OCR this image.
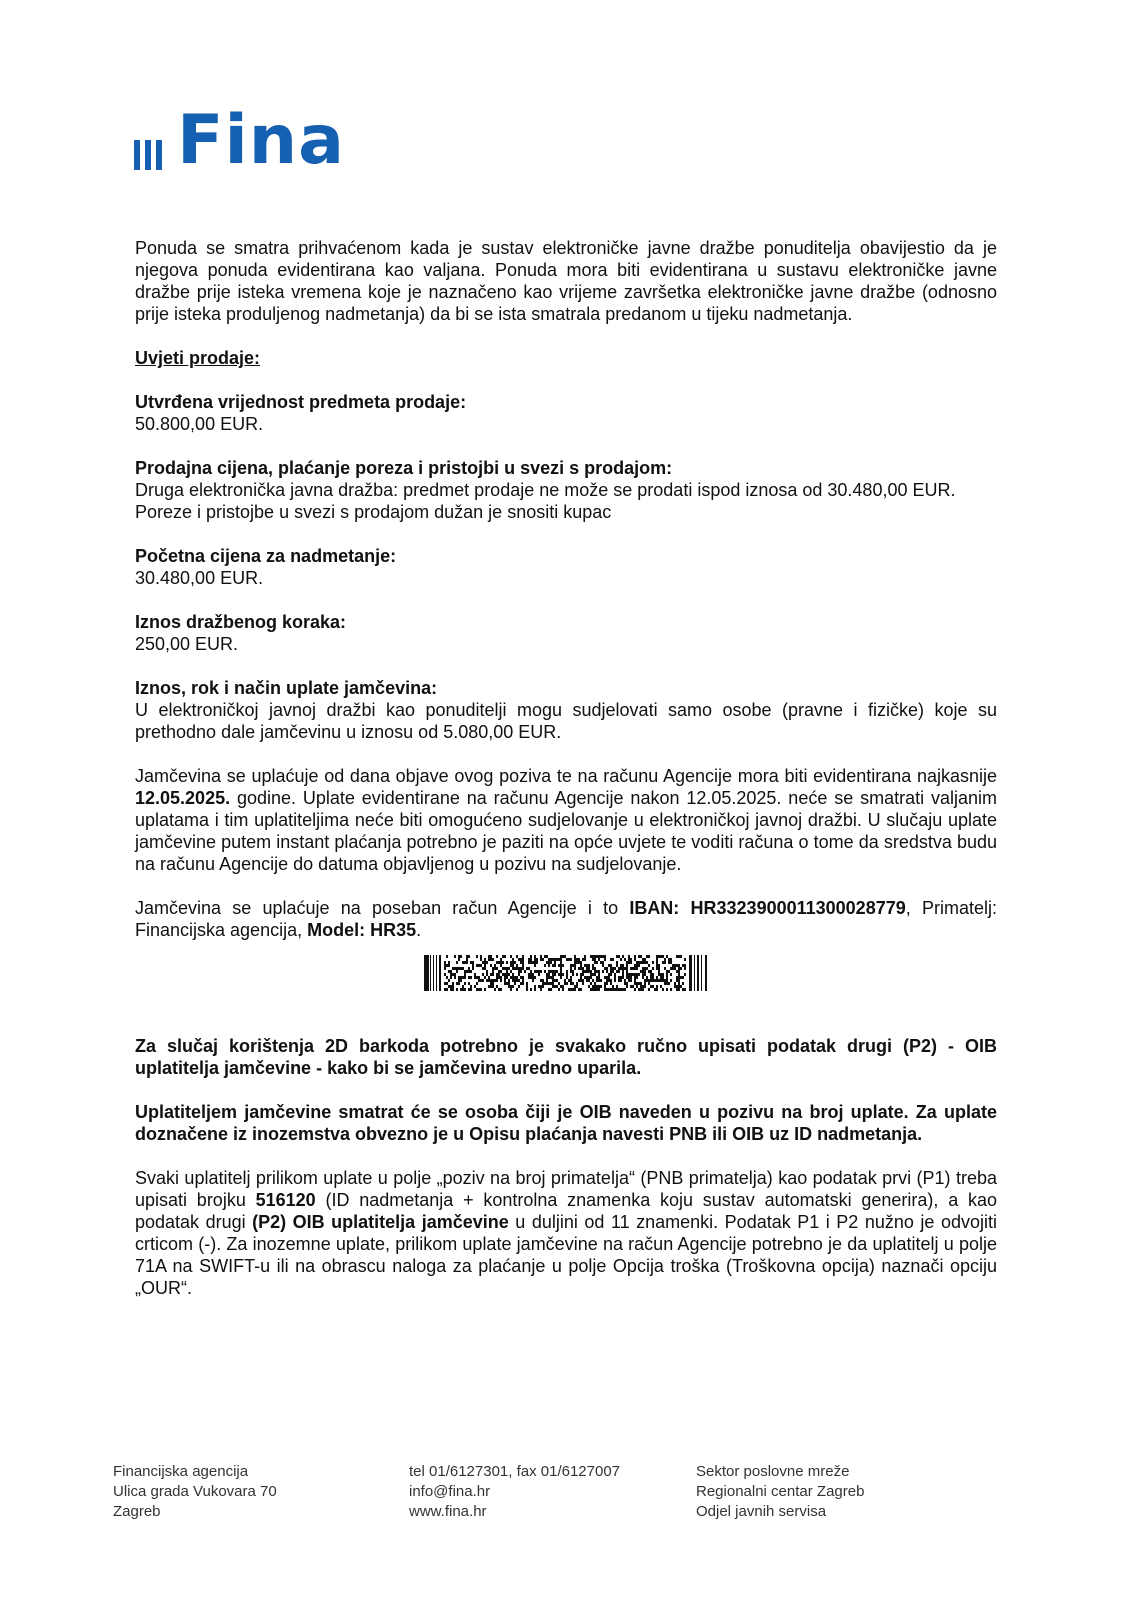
Fina

Ponuda se smatra prihvaćenom kada je sustav elektroničke javne dražbe ponuditelja obavijestio da je njegova ponuda evidentirana kao valjana. Ponuda mora biti evidentirana u sustavu elektroničke javne dražbe prije isteka vremena koje je naznačeno kao vrijeme završetka elektroničke javne dražbe (odnosno prije isteka produljenog nadmetanja) da bi se ista smatrala predanom u tijeku nadmetanja.

Uvjeti prodaje:

Utvrđena vrijednost predmeta prodaje:
50.800,00 EUR.

Prodajna cijena, plaćanje poreza i pristojbi u svezi s prodajom:
Druga elektronička javna dražba: predmet prodaje ne može se prodati ispod iznosa od 30.480,00 EUR.
Poreze i pristojbe u svezi s prodajom dužan je snositi kupac

Početna cijena za nadmetanje:
30.480,00 EUR.

Iznos dražbenog koraka:
250,00 EUR.

Iznos, rok i način uplate jamčevina:
U elektroničkoj javnoj dražbi kao ponuditelji mogu sudjelovati samo osobe (pravne i fizičke) koje su prethodno dale jamčevinu u iznosu od 5.080,00 EUR.

Jamčevina se uplaćuje od dana objave ovog poziva te na računu Agencije mora biti evidentirana najkasnije 12.05.2025. godine. Uplate evidentirane na računu Agencije nakon 12.05.2025. neće se smatrati valjanim uplatama i tim uplatiteljima neće biti omogućeno sudjelovanje u elektroničkoj javnoj dražbi. U slučaju uplate jamčevine putem instant plaćanja potrebno je paziti na opće uvjete te voditi računa o tome da sredstva budu na računu Agencije do datuma objavljenog u pozivu na sudjelovanje.

Jamčevina se uplaćuje na poseban račun Agencije i to IBAN: HR3323900011300028779, Primatelj: Financijska agencija, Model: HR35.

Za slučaj korištenja 2D barkoda potrebno je svakako ručno upisati podatak drugi (P2) - OIB uplatitelja jamčevine - kako bi se jamčevina uredno uparila.

Uplatiteljem jamčevine smatrat će se osoba čiji je OIB naveden u pozivu na broj uplate. Za uplate doznačene iz inozemstva obvezno je u Opisu plaćanja navesti PNB ili OIB uz ID nadmetanja.

Svaki uplatitelj prilikom uplate u polje „poziv na broj primatelja“ (PNB primatelja) kao podatak prvi (P1) treba upisati brojku 516120 (ID nadmetanja + kontrolna znamenka koju sustav automatski generira), a kao podatak drugi (P2) OIB uplatitelja jamčevine u duljini od 11 znamenki. Podatak P1 i P2 nužno je odvojiti crticom (-). Za inozemne uplate, prilikom uplate jamčevine na račun Agencije potrebno je da uplatitelj u polje 71A na SWIFT-u ili na obrascu naloga za plaćanje u polje Opcija troška (Troškovna opcija) naznači opciju „OUR“.

Financijska agencija
Ulica grada Vukovara 70
Zagreb
tel 01/6127301, fax 01/6127007
info@fina.hr
www.fina.hr
Sektor poslovne mreže
Regionalni centar Zagreb
Odjel javnih servisa
